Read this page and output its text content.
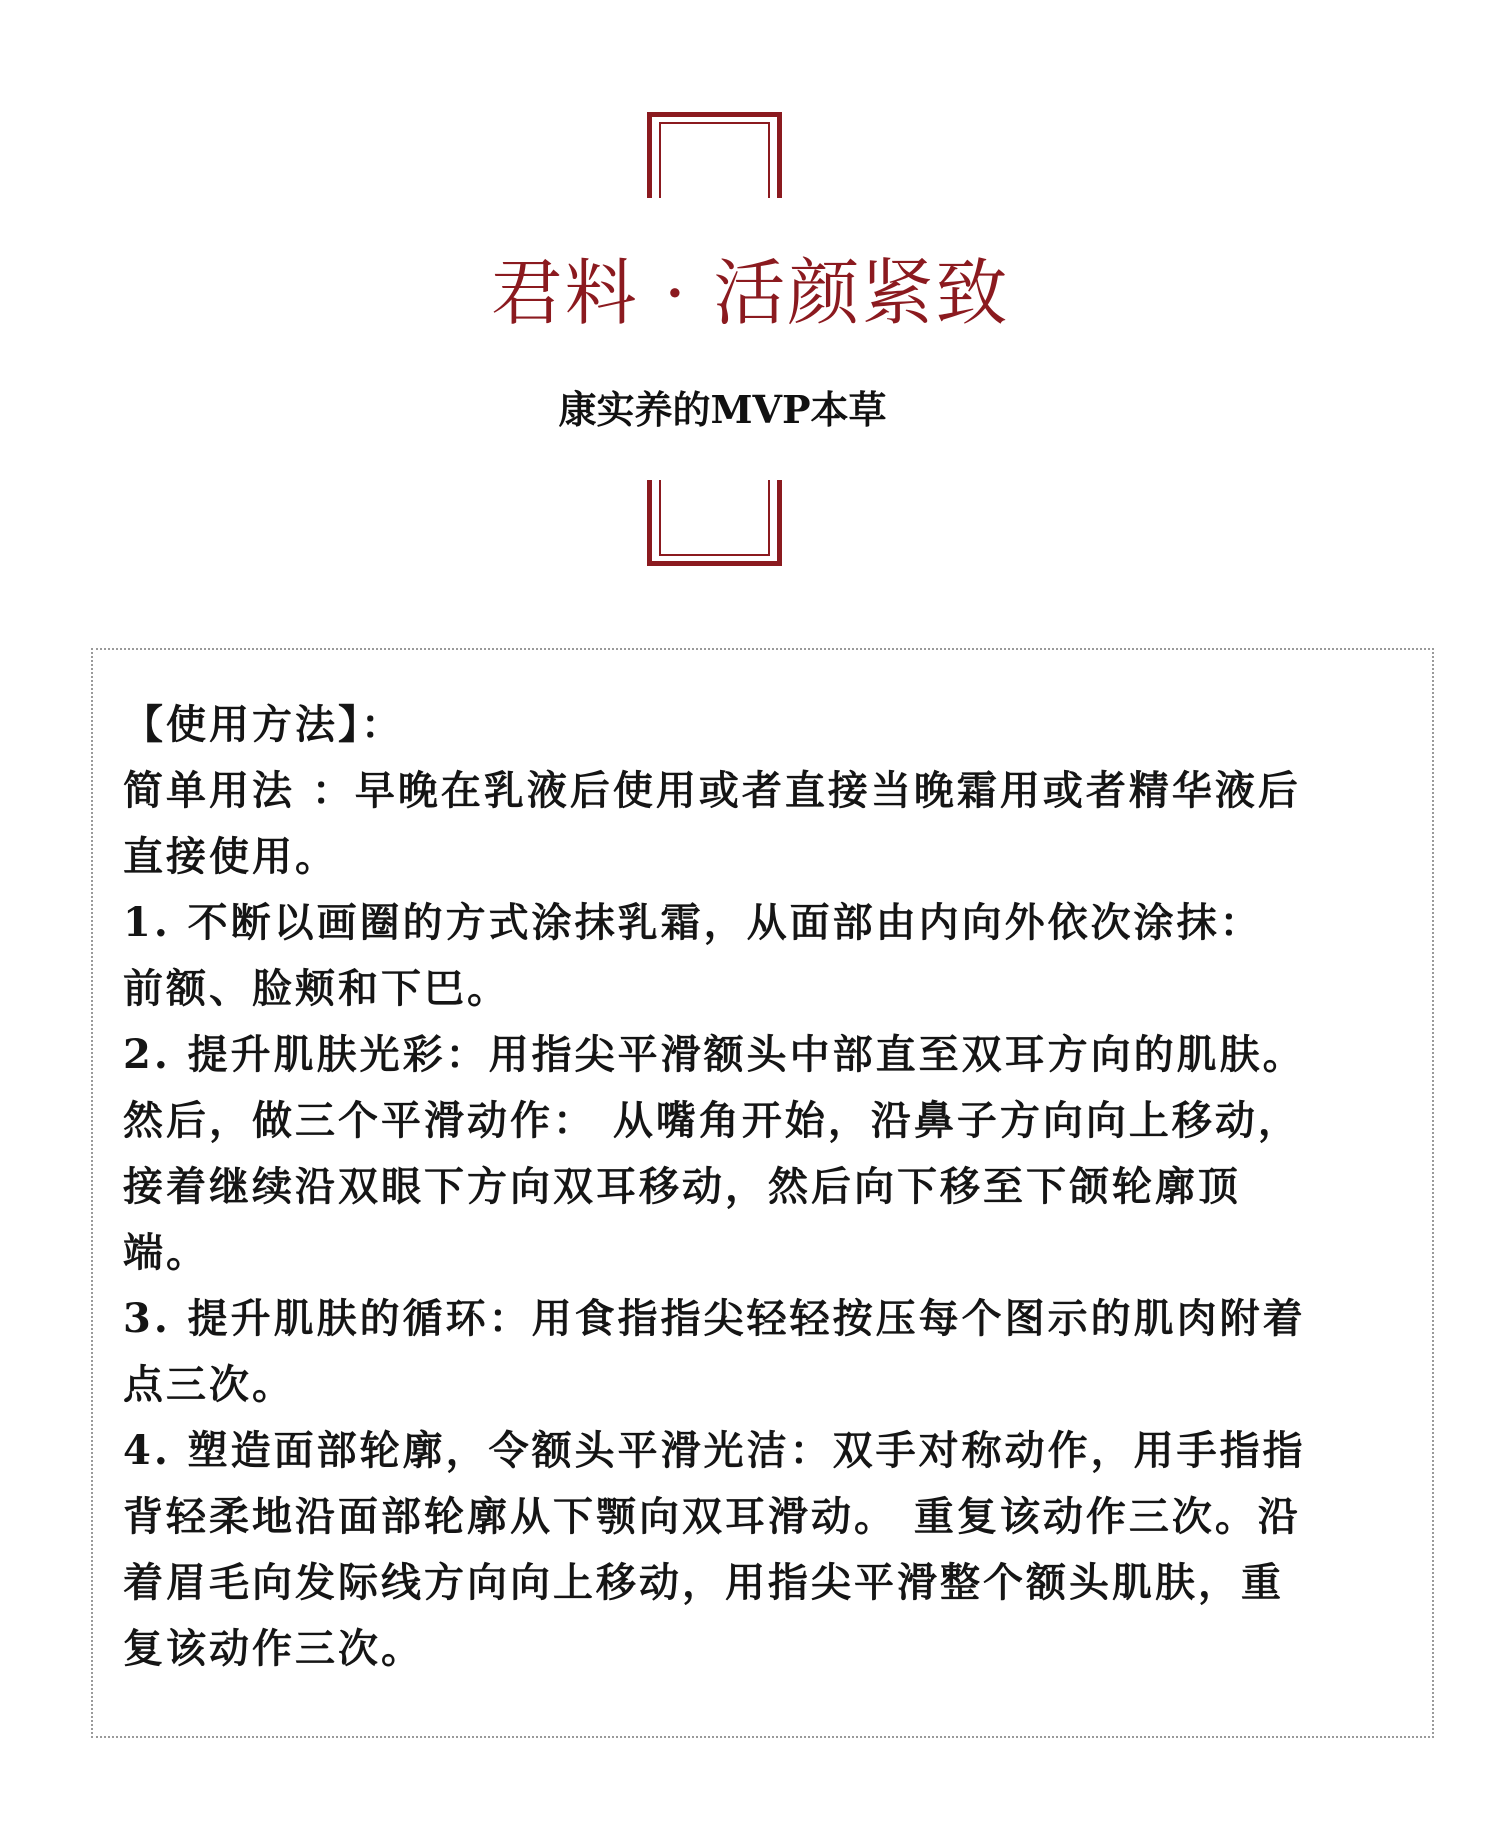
君料 · 活颜紧致
康实养的MVP本草

【使用方法】：

简单用法 ：早晚在乳液后使用或者直接当晚霜用或者精华液后

直接使用。

1. 不断以画圈的方式涂抹乳霜，从面部由内向外依次涂抹：

前额、脸颊和下巴。

2. 提升肌肤光彩：用指尖平滑额头中部直至双耳方向的肌肤。

然后，做三个平滑动作： 从嘴角开始，沿鼻子方向向上移动，

接着继续沿双眼下方向双耳移动，然后向下移至下颌轮廓顶

端。

3. 提升肌肤的循环：用食指指尖轻轻按压每个图示的肌肉附着

点三次。

4. 塑造面部轮廓，令额头平滑光洁：双手对称动作，用手指指

背轻柔地沿面部轮廓从下颚向双耳滑动。 重复该动作三次。沿

着眉毛向发际线方向向上移动，用指尖平滑整个额头肌肤，重

复该动作三次。
